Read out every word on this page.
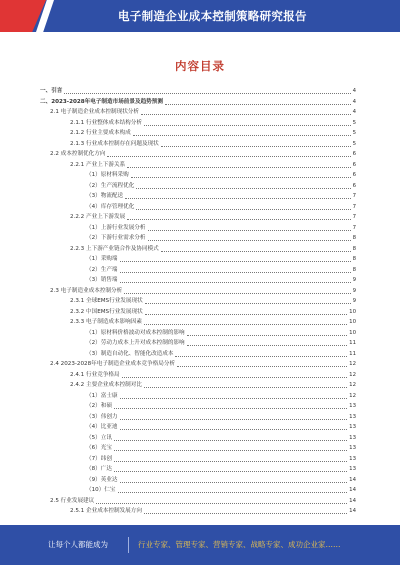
电子制造企业成本控制策略研究报告
内容目录
一、引言	4
二、2023-2028年电子制造市场前景及趋势预测	4
2.1 电子制造企业成本控制现状分析	4
2.1.1 行业整体成本结构分析	5
2.1.2 行业主要成本构成	5
2.1.3 行业成本控制存在问题及现状	5
2.2 成本控制优化方向	6
2.2.1 产业上下游关系	6
（1）原材料采购	6
（2）生产流程优化	6
（3）物流配送	7
（4）库存管理优化	7
2.2.2 产业上下游发展	7
（1）上游行业发展分析	7
（2）下游行业需求分析	8
2.2.3 上下游产业链合作及协同模式	8
（1）采购端	8
（2）生产端	8
（3）销售端	9
2.3 电子制造业成本控制分析	9
2.3.1 全球EMS行业发展现状	9
2.3.2 中国EMS行业发展现状	10
2.3.3 电子制造成本影响因素	10
（1）原材料价格波动对成本控制的影响	10
（2）劳动力成本上升对成本控制的影响	11
（3）制造自动化、智能化改造成本	11
2.4 2023-2028年电子制造企业成本竞争格局分析	12
2.4.1 行业竞争格局	12
2.4.2 主要企业成本控制对比	12
（1）富士康	12
（2）和硕	13
（3）伟创力	13
（4）比亚迪	13
（5）立讯	13
（6）光宝	13
（7）纬创	13
（8）广达	13
（9）英业达	14
（10）仁宝	14
2.5 行业发展建议	14
2.5.1 企业成本控制发展方向	14
让每个人都能成为	行业专家、管理专家、营销专家、战略专家、成功企业家……
